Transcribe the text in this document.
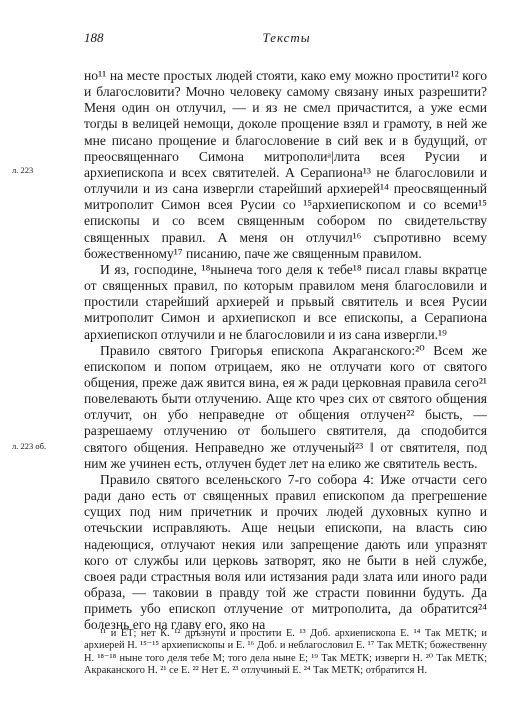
188	Тексты
л. 223
л. 223 об.

но¹¹ на месте простых людей стояти, како ему можно простити¹² кого и благословити? Мочно человеку самому связану иных разрешити? Меня один он отлучил, — и яз не смел причастится, а уже есми тогды в велицей немощи, доколе прощение взял и грамоту, в ней же мне писано прощение и благословение в сий век и в будущий, от преосвященнаго Симона митрополиᵃ|лита всея Русии и архиепископа и всех святителей. А Серапиона¹³ не благословили и отлучили и из сана извергли старейший архиерей¹⁴ преосвященный митрополит Симон всея Русии со ¹⁵архиепископом и со всеми¹⁵ епископы и со всем священным собором по свидетельству священных правил. А меня он отлучил¹⁶ съпротивно всему божественному¹⁷ писанию, паче же священным правилом.

И яз, господине, ¹⁸нынеча того деля к тебе¹⁸ писал главы вкратце от священных правил, по которым правилом меня благословили и простили старейший архиерей и прьвый святитель и всея Русии митрополит Симон и архиепископ и все епископы, а Серапиона архиепископ отлучили и не благословили и из сана извергли.¹⁹

Правило святого Григорья епископа Акраганского:²⁰ Всем же епископом и попом отрицаем, яко не отлучати кого от святого общения, преже даж явится вина, ея ж ради церковная правила сего²¹ повелевають быти отлучению. Аще кто чрез сих от святого общения отлучит, он убо неправедне от общения отлучен²² бысть, — разрешаему отлучению от большего святителя, да сподобится святого общения. Неправедно же отлученый²³ ‖ от святителя, под ним же учинен есть, отлучен будет лет на елико же святитель весть.

Правило святого вселеньского 7-го собора 4: Иже отчасти сего ради дано есть от священных правил епископом да прегрешение сущих под ним причетник и прочих людей духовных купно и отечьскии исправляють. Аще нецыи епископи, на власть сию надеющися, отлучают некия или запрещение дають или упразнят кого от службы или церковь затворят, яко не быти в ней службе, своея ради страстныя воля или истязания ради злата или иного ради образа, — таковии в правду той же страсти повинни будуть. Да приметь убо епископ отлучение от митрополита, да обратится²⁴ болезнь его на главу его, яко на

¹¹ и ЕТ; нет К. ¹² дръзнути и простити Е. ¹³ Доб. архиепископа Е. ¹⁴ Так МЕТК; и архиерей Н. ¹⁵⁻¹⁵ архиепископы и Е. ¹⁶ Доб. и неблагословил Е. ¹⁷ Так МЕТК; божественну Н. ¹⁸⁻¹⁸ ныне того деля тебе М; того дела ныне Е; ¹⁹ Так МЕТК; изверги Н. ²⁰ Так МЕТК; Акраканского Н. ²¹ се Е. ²² Нет Е. ²³ отлучиный Е. ²⁴ Так МЕТК; отбратится Н.
